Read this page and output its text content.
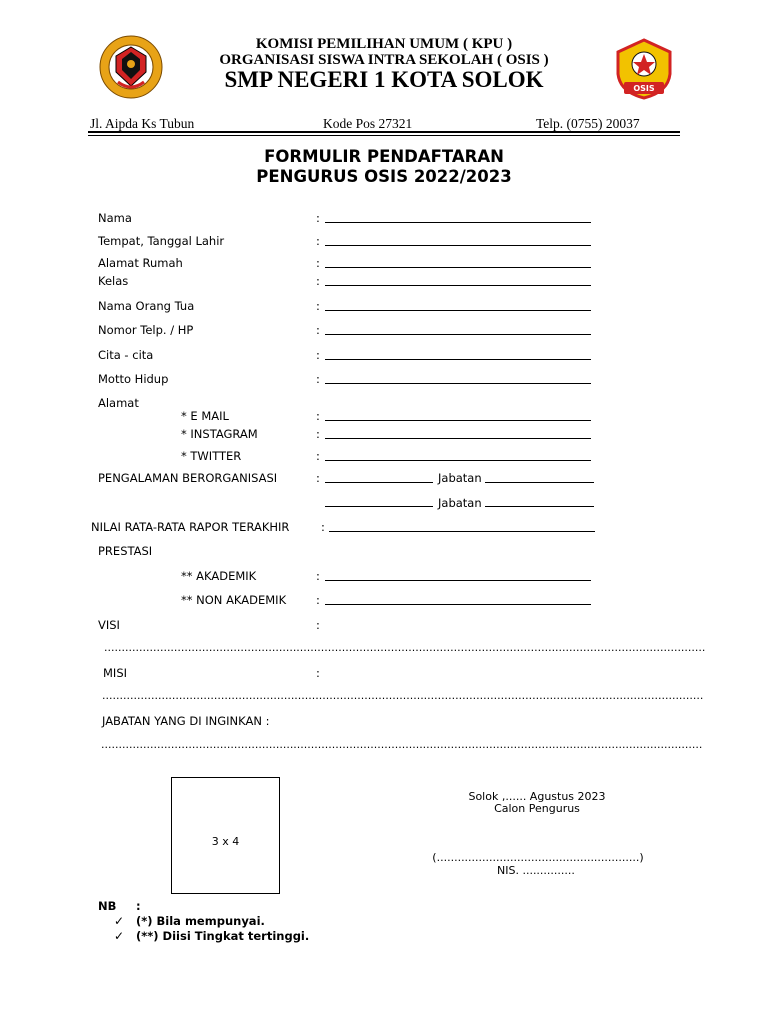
OSIS
KOMISI PEMILIHAN UMUM ( KPU )
ORGANISASI SISWA INTRA SEKOLAH ( OSIS )
SMP NEGERI 1 KOTA SOLOK
Jl. Aipda Ks Tubun	Kode Pos 27321	Telp. (0755) 20037
FORMULIR PENDAFTARAN
PENGURUS OSIS 2022/2023
Nama	:
Tempat, Tanggal Lahir	:
Alamat Rumah	:
Kelas	:
Nama Orang Tua	:
Nomor Telp. / HP	:
Cita - cita	:
Motto Hidup	:
Alamat
* E MAIL	:
* INSTAGRAM	:
* TWITTER	:
PENGALAMAN BERORGANISASI	:	Jabatan
Jabatan
NILAI RATA-RATA RAPOR TERAKHIR	:
PRESTASI
** AKADEMIK	:
** NON AKADEMIK	:
VISI	:
............................................................................................................................................................................
MISI	:
............................................................................................................................................................................
JABATAN YANG DI INGINKAN :
............................................................................................................................................................................
3 x 4
Solok ,...... Agustus 2023
Calon Pengurus
(..........................................................)
NIS. ...............
NB :
✓ (*) Bila mempunyai.
✓ (**) Diisi Tingkat tertinggi.
